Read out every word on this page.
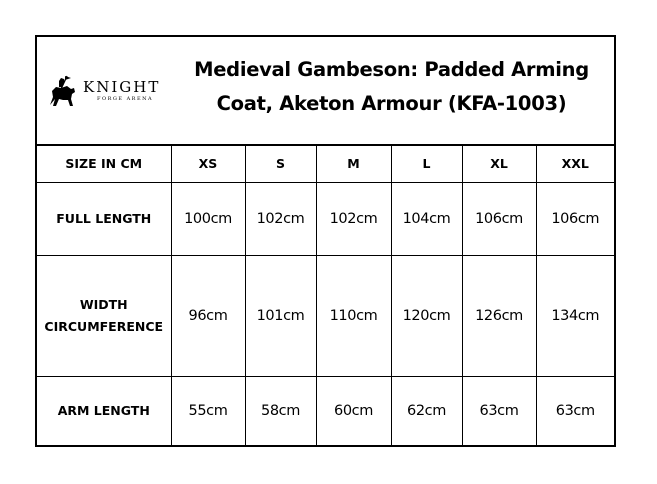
KNIGHT
FORGE ARENA
Medieval Gambeson: Padded Arming
Coat, Aketon Armour (KFA-1003)
SIZE IN CM	XS	S	M	L	XL	XXL
FULL LENGTH	100cm	102cm	102cm	104cm	106cm	106cm
WIDTH
CIRCUMFERENCE	96cm	101cm	110cm	120cm	126cm	134cm
ARM LENGTH	55cm	58cm	60cm	62cm	63cm	63cm
